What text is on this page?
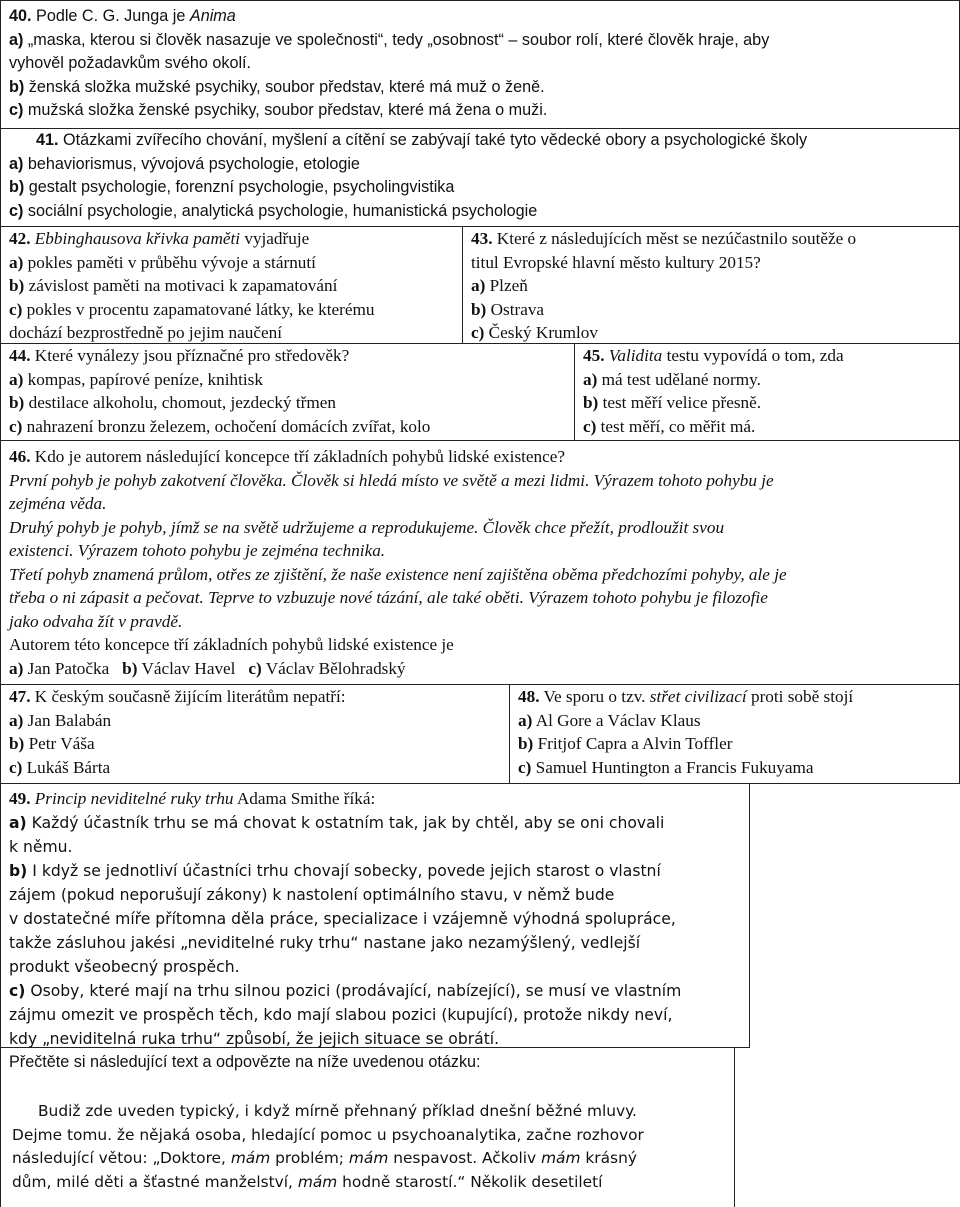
40. Podle C. G. Junga je Anima
a) „maska, kterou si člověk nasazuje ve společnosti“, tedy „osobnost“ – soubor rolí, které člověk hraje, aby
vyhověl požadavkům svého okolí.
b) ženská složka mužské psychiky, soubor představ, které má muž o ženě.
c) mužská složka ženské psychiky, soubor představ, které má žena o muži.
41. Otázkami zvířecího chování, myšlení a cítění se zabývají také tyto vědecké obory a psychologické školy
a) behaviorismus, vývojová psychologie, etologie
b) gestalt psychologie, forenzní psychologie, psycholingvistika
c) sociální psychologie, analytická psychologie, humanistická psychologie
42. Ebbinghausova křivka paměti vyjadřuje
a) pokles paměti v průběhu vývoje a stárnutí
b) závislost paměti na motivaci k zapamatování
c) pokles v procentu zapamatované látky, ke kterému
dochází bezprostředně po jejim naučení
43. Které z následujících měst se nezúčastnilo soutěže o
titul Evropské hlavní město kultury 2015?
a) Plzeň
b) Ostrava
c) Český Krumlov
44. Které vynálezy jsou příznačné pro středověk?
a) kompas, papírové peníze, knihtisk
b) destilace alkoholu, chomout, jezdecký třmen
c) nahrazení bronzu železem, ochočení domácích zvířat, kolo
45. Validita testu vypovídá o tom, zda
a) má test udělané normy.
b) test měří velice přesně.
c) test měří, co měřit má.
46. Kdo je autorem následující koncepce tří základních pohybů lidské existence?
První pohyb je pohyb zakotvení člověka. Člověk si hledá místo ve světě a mezi lidmi. Výrazem tohoto pohybu je
zejména věda.
Druhý pohyb je pohyb, jímž se na světě udržujeme a reprodukujeme. Člověk chce přežít, prodloužit svou
existenci. Výrazem tohoto pohybu je zejména technika.
Třetí pohyb znamená průlom, otřes ze zjištění, že naše existence není zajištěna oběma předchozími pohyby, ale je
třeba o ni zápasit a pečovat. Teprve to vzbuzuje nové tázání, ale také oběti. Výrazem tohoto pohybu je filozofie
jako odvaha žít v pravdě.
Autorem této koncepce tří základních pohybů lidské existence je
a) Jan Patočka b) Václav Havel c) Václav Bělohradský
47. K českým současně žijícím literátům nepatří:
a) Jan Balabán
b) Petr Váša
c) Lukáš Bárta
48. Ve sporu o tzv. střet civilizací proti sobě stojí
a) Al Gore a Václav Klaus
b) Fritjof Capra a Alvin Toffler
c) Samuel Huntington a Francis Fukuyama
49. Princip neviditelné ruky trhu Adama Smithe říká:
a) Každý účastník trhu se má chovat k ostatním tak, jak by chtěl, aby se oni chovali
k němu.
b) I když se jednotliví účastníci trhu chovají sobecky, povede jejich starost o vlastní
zájem (pokud neporušují zákony) k nastolení optimálního stavu, v němž bude
v dostatečné míře přítomna děla práce, specializace i vzájemně výhodná spolupráce,
takže zásluhou jakési „neviditelné ruky trhu“ nastane jako nezamýšlený, vedlejší
produkt všeobecný prospěch.
c) Osoby, které mají na trhu silnou pozici (prodávající, nabízející), se musí ve vlastním
zájmu omezit ve prospěch těch, kdo mají slabou pozici (kupující), protože nikdy neví,
kdy „neviditelná ruka trhu“ způsobí, že jejich situace se obrátí.
Přečtěte si následující text a odpovězte na níže uvedenou otázku:
Budiž zde uveden typický, i když mírně přehnaný příklad dnešní běžné mluvy.
Dejme tomu. že nějaká osoba, hledající pomoc u psychoanalytika, začne rozhovor
následující větou: „Doktore, mám problém; mám nespavost. Ačkoliv mám krásný
dům, milé děti a šťastné manželství, mám hodně starostí.“ Několik desetiletí
